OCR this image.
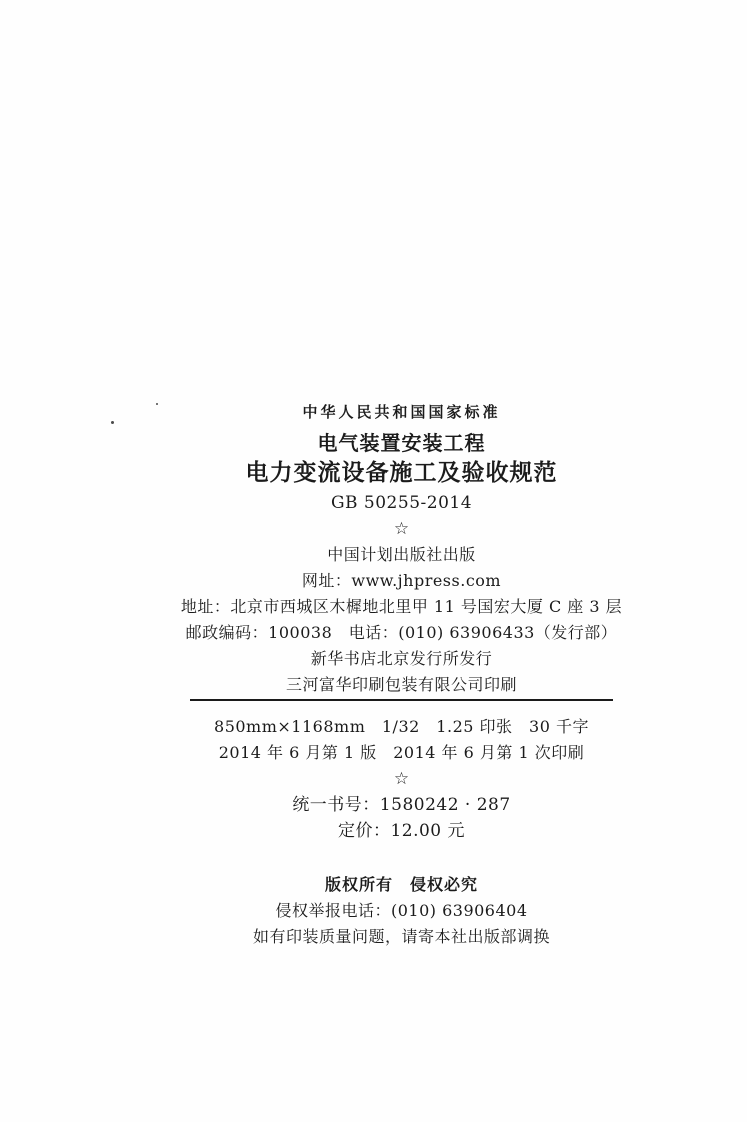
中华人民共和国国家标准
电气装置安装工程
电力变流设备施工及验收规范
GB 50255-2014
☆
中国计划出版社出版
网址：www.jhpress.com
地址：北京市西城区木樨地北里甲 11 号国宏大厦 C 座 3 层
邮政编码：100038　电话：(010) 63906433（发行部）
新华书店北京发行所发行
三河富华印刷包装有限公司印刷
850mm×1168mm　1/32　1.25 印张　30 千字
2014 年 6 月第 1 版　2014 年 6 月第 1 次印刷
☆
统一书号：1580242 · 287
定价：12.00 元
版权所有　侵权必究
侵权举报电话：(010) 63906404
如有印装质量问题，请寄本社出版部调换
